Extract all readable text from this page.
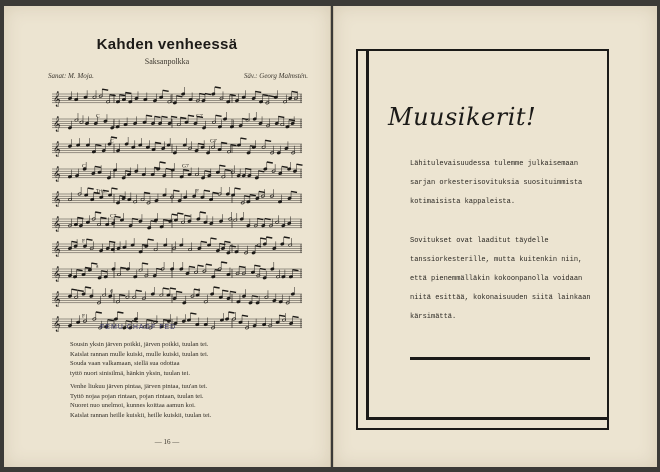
Kahden venheessä
Saksanpolkka
Sanat: M. Moja.	Säv.: Georg Malmstén.
𝄞
𝄞
C	G7
𝄞
C	G7
𝄞
C	G7
𝄞
Trio.	F
𝄞
C7
𝄞
F
𝄞
a
𝄞
d
𝄞
F
FEMU CHAGF FED
Sousin yksin järven poikki, järven poikki, tuulan tei.
Kaislat rannan mulle kuiski, mulle kuiski, tuulan tei.
Souda vaan valkamaan, siellä sua odottaa
tyttö nuori sinisilmä, hänkin yksin, tuulan tei.
Venhe liukuu järven pintaa, järven pintaa, tuu'an tei.
Tyttö nojaa pojan rintaan, pojan rintaan, tuulan tei.
Nuoret nuo unelmoi, kunnes koittaa aamun koi.
Kaislat rannan heille kuiskii, heille kuiskii, tuulan tei.
— 16 —
Muusikerit!
Lähitulevaisuudessa tulemme julkaisemaan sarjan orkesterisovituksia suosituimmista kotimaisista kappaleista.
Sovitukset ovat laaditut täydelle tanssiorkesterille, mutta kuitenkin niin, että pienemmälläkin kokoonpanolla voidaan niitä esittää, kokonaisuuden siitä lainkaan kärsimättä.
